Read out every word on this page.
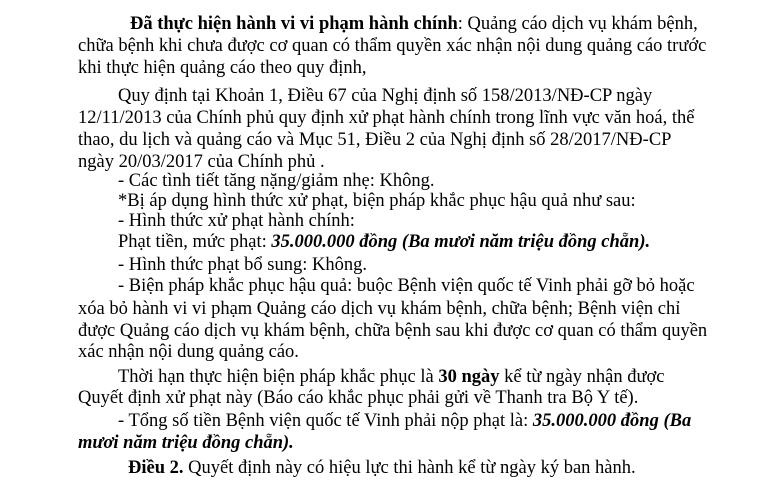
Đã thực hiện hành vi vi phạm hành chính: Quảng cáo dịch vụ khám bệnh,
chữa bệnh khi chưa được cơ quan có thẩm quyền xác nhận nội dung quảng cáo trước
khi thực hiện quảng cáo theo quy định,
Quy định tại Khoản 1, Điều 67 của Nghị định số 158/2013/NĐ-CP ngày
12/11/2013 của Chính phủ quy định xử phạt hành chính trong lĩnh vực văn hoá, thể
thao, du lịch và quảng cáo và Mục 51, Điều 2 của Nghị định số 28/2017/NĐ-CP
ngày 20/03/2017 của Chính phủ .
- Các tình tiết tăng nặng/giảm nhẹ: Không.
*Bị áp dụng hình thức xử phạt, biện pháp khắc phục hậu quả như sau:
- Hình thức xử phạt hành chính:
Phạt tiền, mức phạt: 35.000.000 đồng (Ba mươi năm triệu đồng chẵn).
- Hình thức phạt bổ sung: Không.
- Biện pháp khắc phục hậu quả: buộc Bệnh viện quốc tế Vinh phải gỡ bỏ hoặc
xóa bỏ hành vi vi phạm Quảng cáo dịch vụ khám bệnh, chữa bệnh; Bệnh viện chỉ
được Quảng cáo dịch vụ khám bệnh, chữa bệnh sau khi được cơ quan có thẩm quyền
xác nhận nội dung quảng cáo.
Thời hạn thực hiện biện pháp khắc phục là 30 ngày kể từ ngày nhận được
Quyết định xử phạt này (Báo cáo khắc phục phải gửi về Thanh tra Bộ Y tế).
- Tổng số tiền Bệnh viện quốc tế Vinh phải nộp phạt là: 35.000.000 đồng (Ba
mươi năm triệu đồng chẵn).
Điều 2. Quyết định này có hiệu lực thi hành kể từ ngày ký ban hành.
